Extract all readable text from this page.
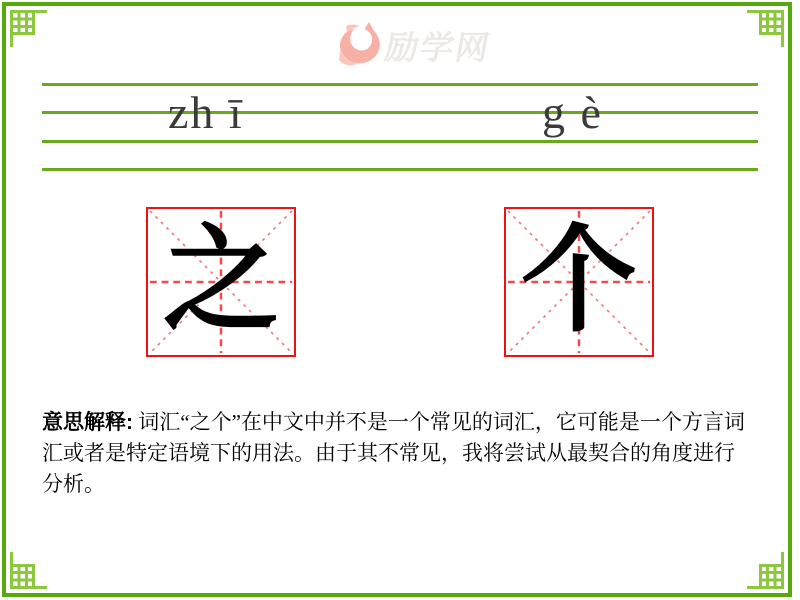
励学网
zh ī	g è
之 个

意思解释: 词汇“之个”在中文中并不是一个常见的词汇，它可能是一个方言词汇或者是特定语境下的用法。由于其不常见，我将尝试从最契合的角度进行分析。
